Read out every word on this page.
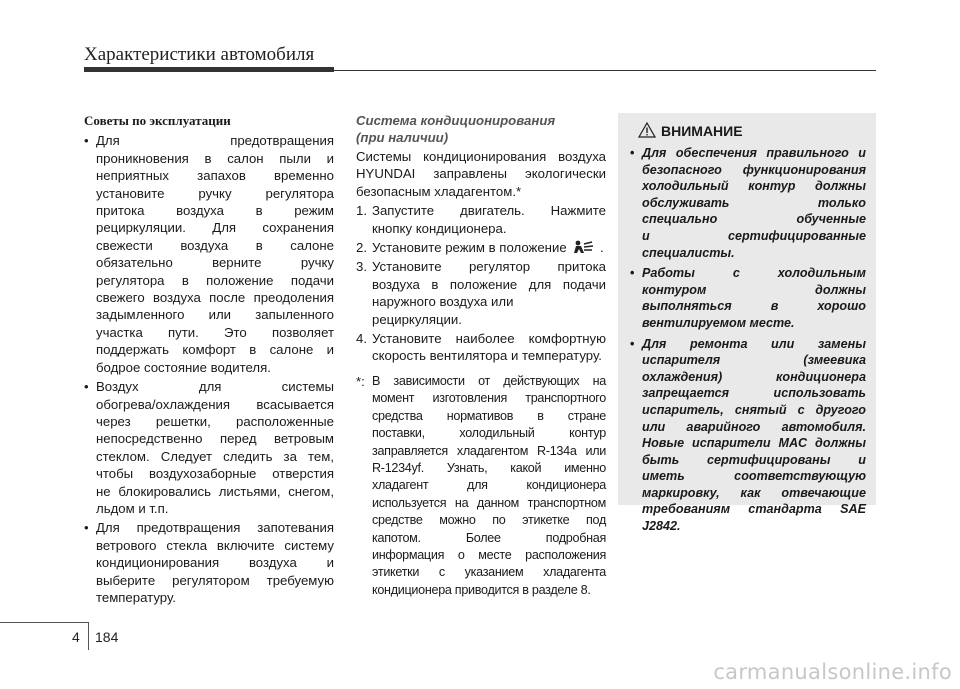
Характеристики автомобиля
Советы по эксплуатации
• Для предотвращения
проникновения в салон пыли и
неприятных запахов временно
установите ручку регулятора
притока воздуха в режим
рециркуляции. Для сохранения
свежести воздуха в салоне
обязательно верните ручку
регулятора в положение подачи
свежего воздуха после преодоления
задымленного или запыленного
участка пути. Это позволяет
поддержать комфорт в салоне и
бодрое состояние водителя.
• Воздух для системы
обогрева/охлаждения всасывается
через решетки, расположенные
непосредственно перед ветровым
стеклом. Следует следить за тем,
чтобы воздухозаборные отверстия
не блокировались листьями, снегом,
льдом и т.п.
• Для предотвращения запотевания
ветрового стекла включите систему
кондиционирования воздуха и
выберите регулятором требуемую
температуру.
Система кондиционирования
(при наличии)
Системы кондиционирования воздуха
HYUNDAI заправлены экологически
безопасным хладагентом.*
1. Запустите двигатель. Нажмите
кнопку кондиционера.
2. Установите режим в положение	.
3. Установите регулятор притока
воздуха в положение для подачи
наружного воздуха или рециркуляции.
4. Установите наиболее комфортную
скорость вентилятора и температуру.
*: В зависимости от действующих на
момент изготовления транспортного
средства нормативов в стране
поставки, холодильный контур
заправляется хладагентом R-134a или
R-1234yf. Узнать, какой именно
хладагент для кондиционера
используется на данном транспортном
средстве можно по этикетке под
капотом. Более подробная
информация о месте расположения
этикетки с указанием хладагента
кондиционера приводится в разделе 8.
ВНИМАНИЕ
• Для обеспечения правильного и
безопасного функционирования
холодильный контур должны
обслуживать только
специально обученные
и сертифицированные
специалисты.
• Работы с холодильным
контуром должны
выполняться в хорошо
вентилируемом месте.
• Для ремонта или замены
испарителя (змеевика
охлаждения) кондиционера
запрещается использовать
испаритель, снятый с другого
или аварийного автомобиля.
Новые испарители MAC должны
быть сертифицированы и
иметь соответствующую
маркировку, как отвечающие
требованиям стандарта SAE
J2842.
4 184
carmanualsonline.info
